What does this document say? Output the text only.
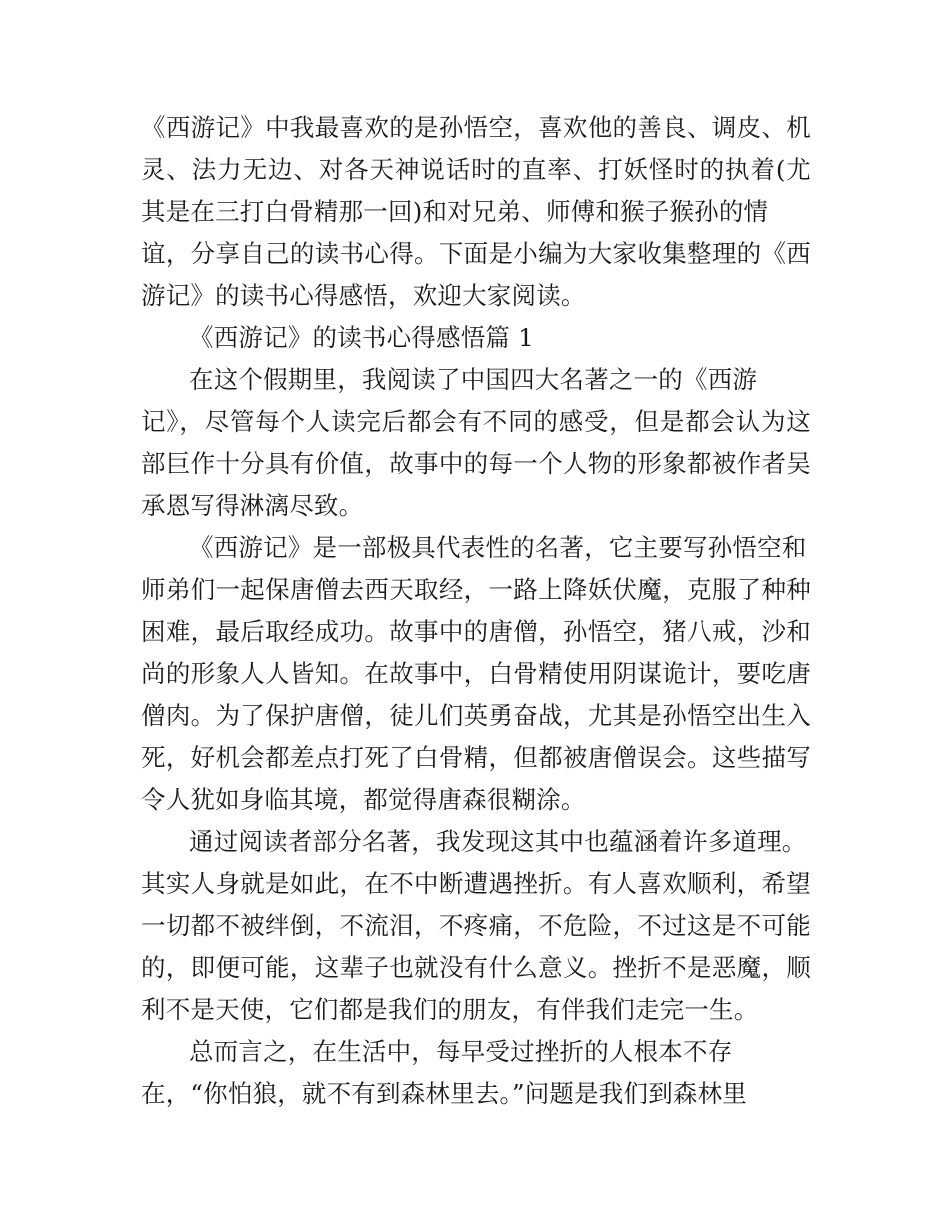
《西游记》中我最喜欢的是孙悟空，喜欢他的善良、调皮、机
灵、法力无边、对各天神说话时的直率、打妖怪时的执着(尤
其是在三打白骨精那一回)和对兄弟、师傅和猴子猴孙的情
谊，分享自己的读书心得。下面是小编为大家收集整理的《西
游记》的读书心得感悟，欢迎大家阅读。
《西游记》的读书心得感悟篇 1
在这个假期里，我阅读了中国四大名著之一的《西游
记》，尽管每个人读完后都会有不同的感受，但是都会认为这
部巨作十分具有价值，故事中的每一个人物的形象都被作者吴
承恩写得淋漓尽致。
《西游记》是一部极具代表性的名著，它主要写孙悟空和
师弟们一起保唐僧去西天取经，一路上降妖伏魔，克服了种种
困难，最后取经成功。故事中的唐僧，孙悟空，猪八戒，沙和
尚的形象人人皆知。在故事中，白骨精使用阴谋诡计，要吃唐
僧肉。为了保护唐僧，徒儿们英勇奋战，尤其是孙悟空出生入
死，好机会都差点打死了白骨精，但都被唐僧误会。这些描写
令人犹如身临其境，都觉得唐森很糊涂。
通过阅读者部分名著，我发现这其中也蕴涵着许多道理。
其实人身就是如此，在不中断遭遇挫折。有人喜欢顺利，希望
一切都不被绊倒，不流泪，不疼痛，不危险，不过这是不可能
的，即便可能，这辈子也就没有什么意义。挫折不是恶魔，顺
利不是天使，它们都是我们的朋友，有伴我们走完一生。
总而言之，在生活中，每早受过挫折的人根本不存
在，“你怕狼，就不有到森林里去。”问题是我们到森林里
